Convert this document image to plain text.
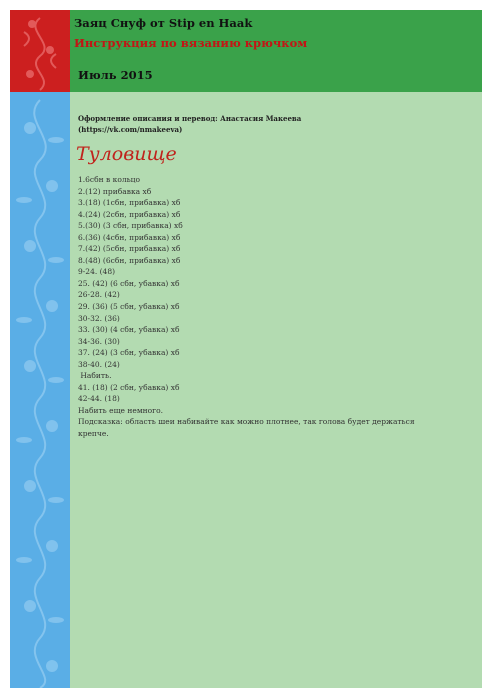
Заяц Снуф от Stip en Haak

Инструкция по вязанию крючком

Июль 2015
Оформление описания и перевод: Анастасия Макеева (https://vk.com/nmakeeva)
Туловище
1.6сбн в кольцо
2.(12) прибавка хб
3.(18) (1сбн, прибавка) хб
4.(24) (2сбн, прибавка) хб
5.(30) (3 сбн, прибавка) хб
6.(36) (4сбн, прибавка) хб
7.(42) (5сбн, прибавка) хб
8.(48) (6сбн, прибавка) хб
9-24. (48)
25. (42) (6 сбн, убавка) хб
26-28. (42)
29. (36) (5 сбн, убавка) хб
30-32. (36)
33. (30) (4 сбн, убавка) хб
34-36. (30)
37. (24) (3 сбн, убавка) хб
38-40. (24)
Набить.
41. (18) (2 сбн, убавка) хб
42-44. (18)
Набить еще немного.
Подсказка: область шеи набивайте как можно плотнее, так голова будет держаться крепче.
